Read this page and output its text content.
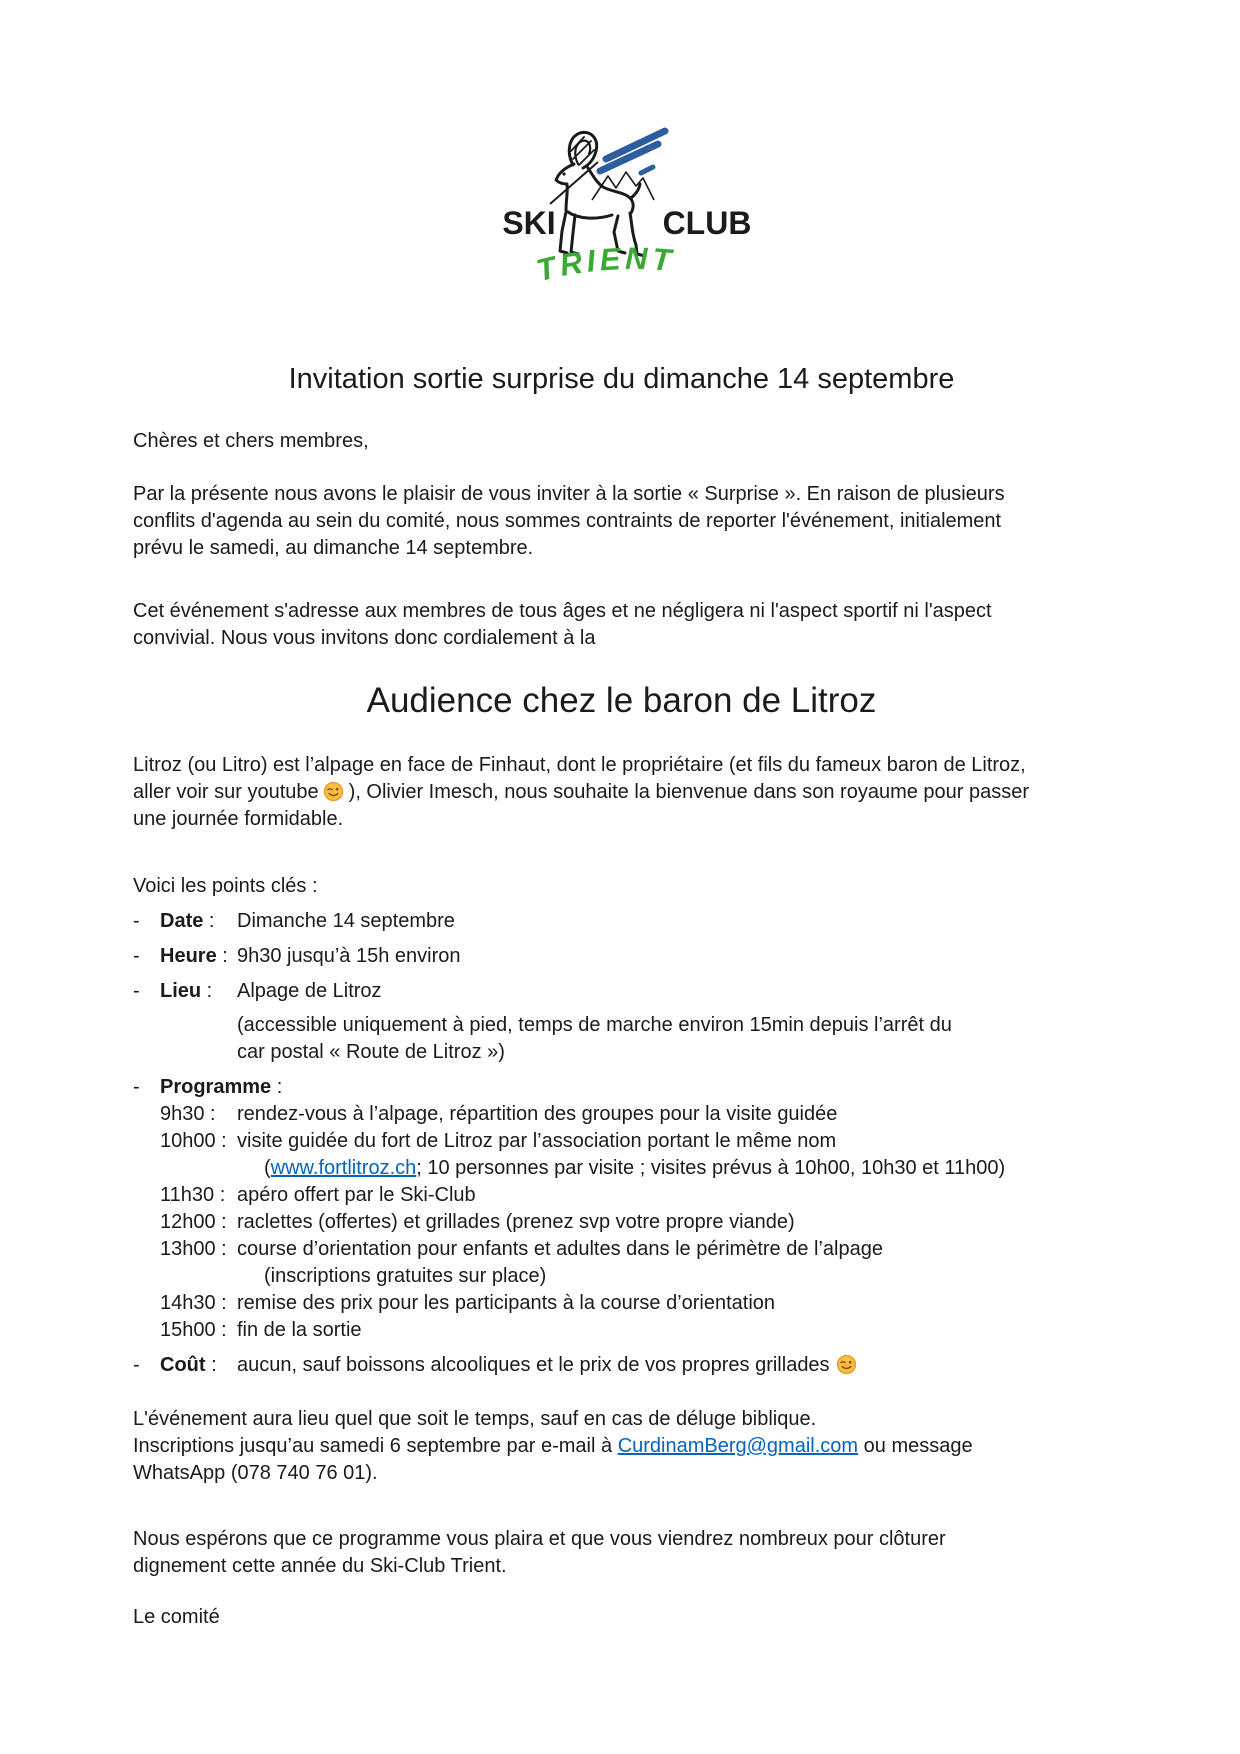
SKI	CLUB
TRIENT
Invitation sortie surprise du dimanche 14 septembre
Chères et chers membres,
Par la présente nous avons le plaisir de vous inviter à la sortie « Surprise ». En raison de plusieurs
conflits d'agenda au sein du comité, nous sommes contraints de reporter l'événement, initialement
prévu le samedi, au dimanche 14 septembre.
Cet événement s'adresse aux membres de tous âges et ne négligera ni l'aspect sportif ni l'aspect
convivial. Nous vous invitons donc cordialement à la
Audience chez le baron de Litroz
Litroz (ou Litro) est l’alpage en face de Finhaut, dont le propriétaire (et fils du fameux baron de Litroz,
aller voir sur youtube ), Olivier Imesch, nous souhaite la bienvenue dans son royaume pour passer
une journée formidable.
Voici les points clés :
-	Date :	Dimanche 14 septembre
-	Heure : 9h30 jusqu’à 15h environ
-	Lieu :	Alpage de Litroz
(accessible uniquement à pied, temps de marche environ 15min depuis l’arrêt du
car postal « Route de Litroz »)
-	Programme :
9h30 :	rendez-vous à l’alpage, répartition des groupes pour la visite guidée
10h00 : visite guidée du fort de Litroz par l’association portant le même nom
(www.fortlitroz.ch; 10 personnes par visite ; visites prévus à 10h00, 10h30 et 11h00)
11h30 : apéro offert par le Ski-Club
12h00 : raclettes (offertes) et grillades (prenez svp votre propre viande)
13h00 : course d’orientation pour enfants et adultes dans le périmètre de l’alpage
(inscriptions gratuites sur place)
14h30 : remise des prix pour les participants à la course d’orientation
15h00 : fin de la sortie
-	Coût :	aucun, sauf boissons alcooliques et le prix de vos propres grillades
L'événement aura lieu quel que soit le temps, sauf en cas de déluge biblique.
Inscriptions jusqu’au samedi 6 septembre par e-mail à CurdinamBerg@gmail.com ou message
WhatsApp (078 740 76 01).
Nous espérons que ce programme vous plaira et que vous viendrez nombreux pour clôturer
dignement cette année du Ski-Club Trient.
Le comité
